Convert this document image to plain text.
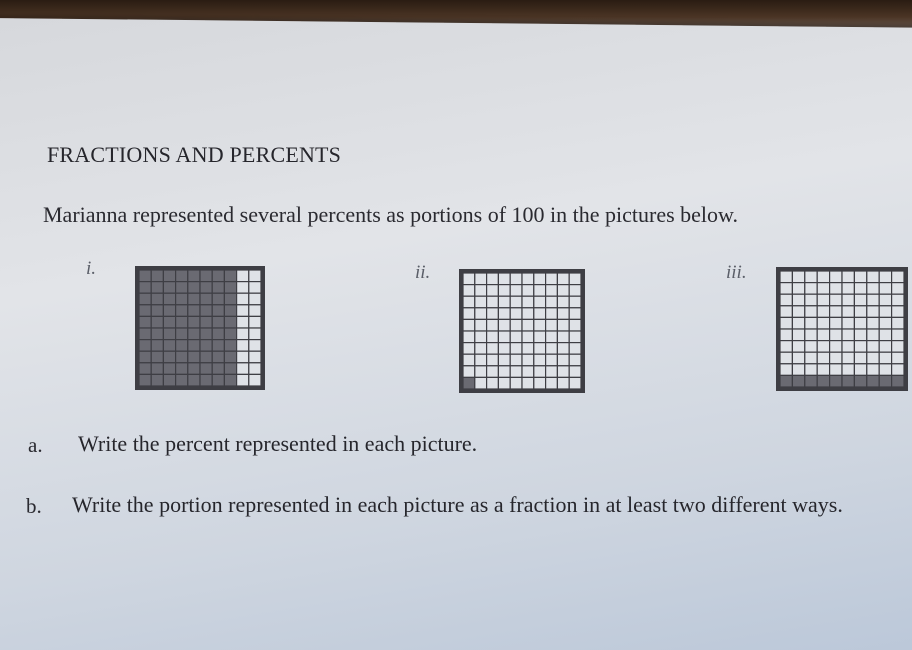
FRACTIONS AND PERCENTS
Marianna represented several percents as portions of 100 in the pictures below.
i.	ii.	iii.
a. Write the percent represented in each picture.
b. Write the portion represented in each picture as a fraction in at least two different ways.
